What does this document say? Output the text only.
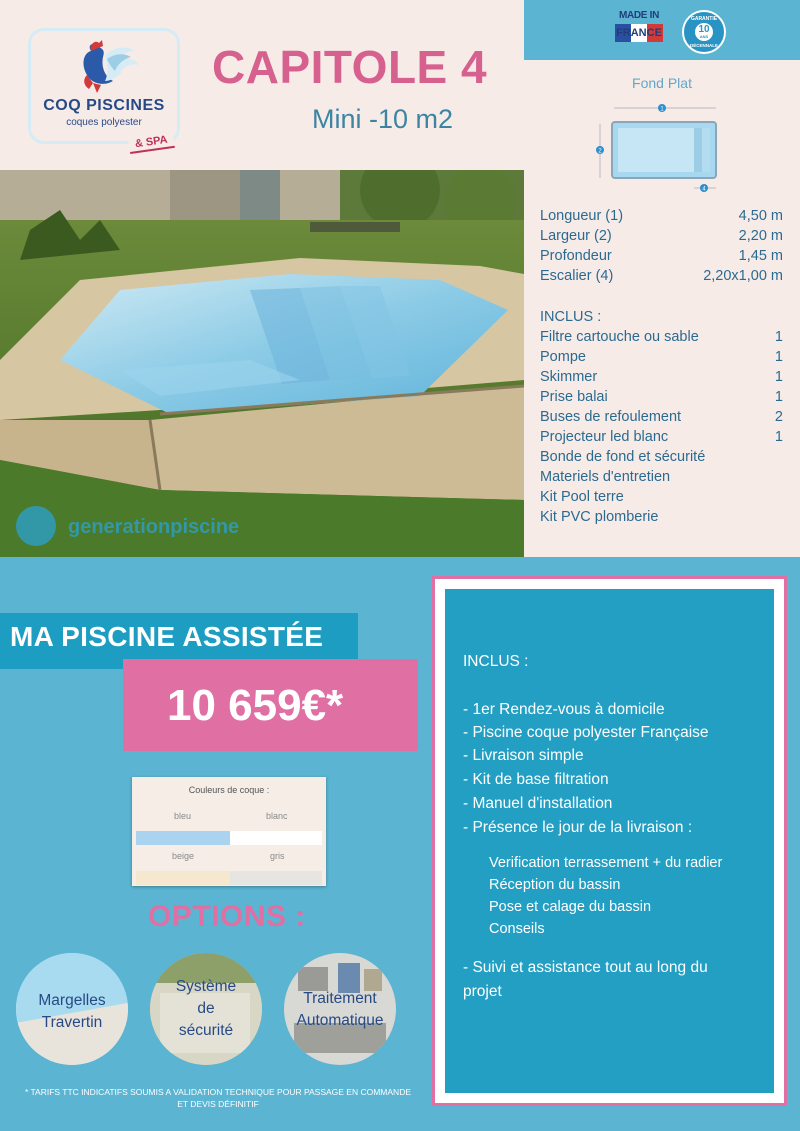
COQ PISCINES
coques polyester
& SPA
CAPITOLE 4
Mini -10 m2
MADE IN
FRANCE
GARANTIE
10
ANS
DÉCENNALE
Fond Plat
1
2
4
Longueur (1)	4,50 m
Largeur (2)	2,20 m
Profondeur	1,45 m
Escalier (4)	2,20x1,00 m
INCLUS :
Filtre cartouche ou sable	1
Pompe	1
Skimmer	1
Prise balai	1
Buses de refoulement	2
Projecteur led blanc	1
Bonde de fond et sécurité
Materiels d'entretien
Kit Pool terre
Kit PVC plomberie
generationpiscine
MA PISCINE ASSISTÉE
10 659€*
Couleurs de coque :
bleu	blanc
beige	gris
OPTIONS :
Margelles
Travertin
Système
de
sécurité
Traitement
Automatique
* TARIFS TTC INDICATIFS SOUMIS A VALIDATION TECHNIQUE POUR PASSAGE EN COMMANDE
ET DEVIS DÉFINITIF
INCLUS :
- 1er Rendez-vous à domicile
- Piscine coque polyester Française
- Livraison simple
- Kit de base filtration
- Manuel d'installation
- Présence le jour de la livraison :
Verification terrassement + du radier
Réception du bassin
Pose et calage du bassin
Conseils
- Suivi et assistance tout au long du
projet
